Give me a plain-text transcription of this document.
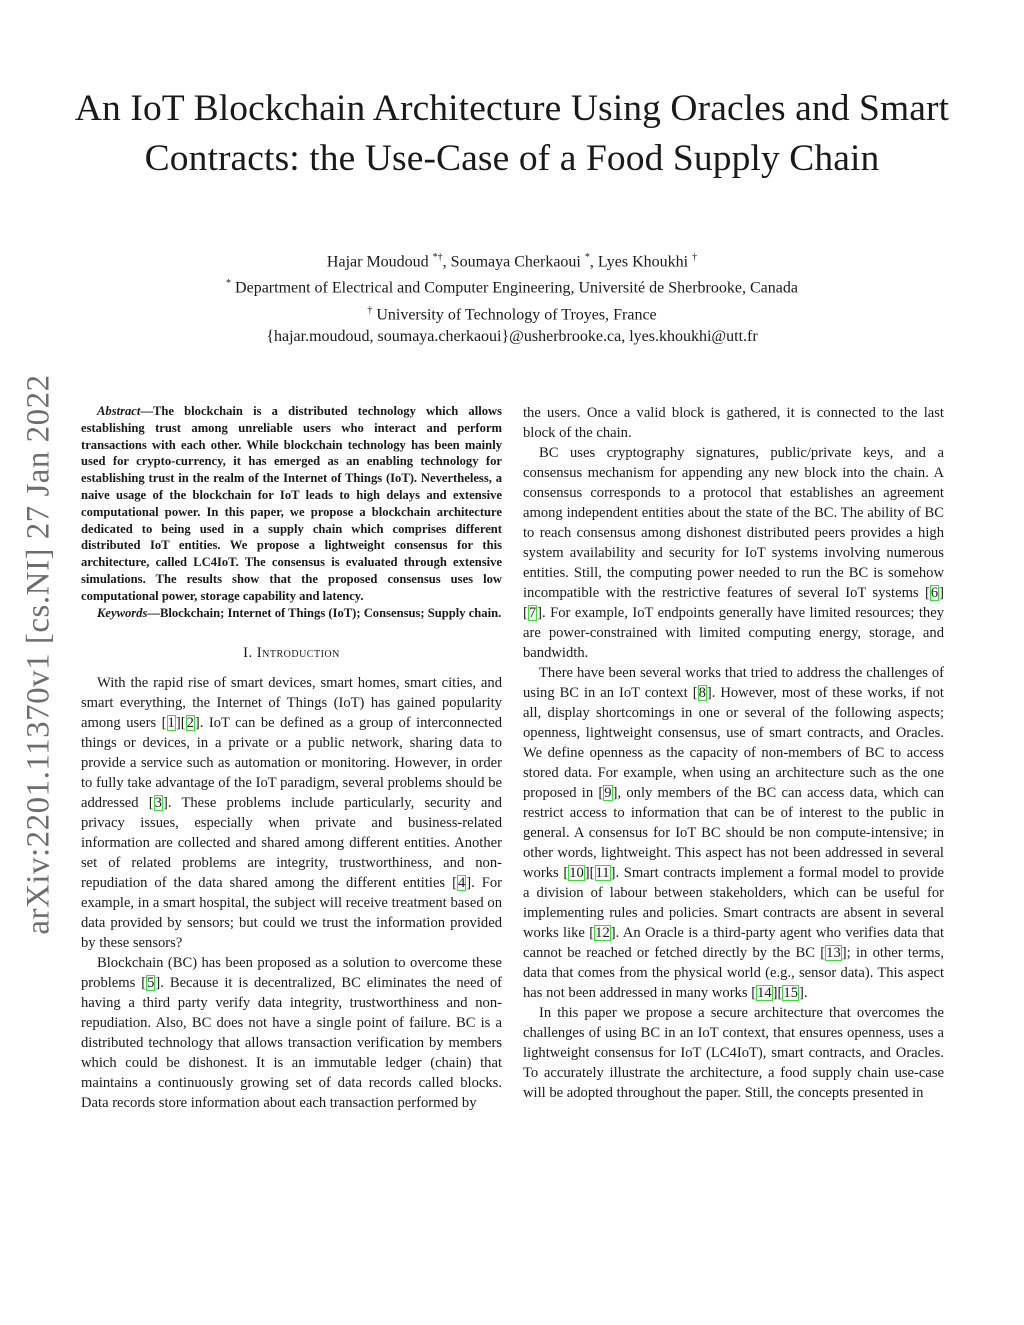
An IoT Blockchain Architecture Using Oracles and Smart Contracts: the Use-Case of a Food Supply Chain
Hajar Moudoud *†, Soumaya Cherkaoui *, Lyes Khoukhi †
* Department of Electrical and Computer Engineering, Université de Sherbrooke, Canada
† University of Technology of Troyes, France
{hajar.moudoud, soumaya.cherkaoui}@usherbrooke.ca, lyes.khoukhi@utt.fr
arXiv:2201.11370v1 [cs.NI] 27 Jan 2022	Abstract—The blockchain is a distributed technology which allows establishing trust among unreliable users who interact and perform transactions with each other. While blockchain technology has been mainly used for crypto-currency, it has emerged as an enabling technology for establishing trust in the realm of the Internet of Things (IoT). Nevertheless, a naive usage of the blockchain for IoT leads to high delays and extensive computational power. In this paper, we propose a blockchain architecture dedicated to being used in a supply chain which comprises different distributed IoT entities. We propose a lightweight consensus for this architecture, called LC4IoT. The consensus is evaluated through extensive simulations. The results show that the proposed consensus uses low computational power, storage capability and latency.

Keywords—Blockchain; Internet of Things (IoT); Consensus; Supply chain.

I. Introduction

With the rapid rise of smart devices, smart homes, smart cities, and smart everything, the Internet of Things (IoT) has gained popularity among users [1][2]. IoT can be defined as a group of interconnected things or devices, in a private or a public network, sharing data to provide a service such as automation or monitoring. However, in order to fully take advantage of the IoT paradigm, several problems should be addressed [3]. These problems include particularly, security and privacy issues, especially when private and business-related information are collected and shared among different entities. Another set of related problems are integrity, trustworthiness, and non-repudiation of the data shared among the different entities [4]. For example, in a smart hospital, the subject will receive treatment based on data provided by sensors; but could we trust the information provided by these sensors?

Blockchain (BC) has been proposed as a solution to overcome these problems [5]. Because it is decentralized, BC eliminates the need of having a third party verify data integrity, trustworthiness and non-repudiation. Also, BC does not have a single point of failure. BC is a distributed technology that allows transaction verification by members which could be dishonest. It is an immutable ledger (chain) that maintains a continuously growing set of data records called blocks. Data records store information about each transaction performed by

the users. Once a valid block is gathered, it is connected to the last block of the chain.

BC uses cryptography signatures, public/private keys, and a consensus mechanism for appending any new block into the chain. A consensus corresponds to a protocol that establishes an agreement among independent entities about the state of the BC. The ability of BC to reach consensus among dishonest distributed peers provides a high system availability and security for IoT systems involving numerous entities. Still, the computing power needed to run the BC is somehow incompatible with the restrictive features of several IoT systems [6] [7]. For example, IoT endpoints generally have limited resources; they are power-constrained with limited computing energy, storage, and bandwidth.

There have been several works that tried to address the challenges of using BC in an IoT context [8]. However, most of these works, if not all, display shortcomings in one or several of the following aspects; openness, lightweight consensus, use of smart contracts, and Oracles. We define openness as the capacity of non-members of BC to access stored data. For example, when using an architecture such as the one proposed in [9], only members of the BC can access data, which can restrict access to information that can be of interest to the public in general. A consensus for IoT BC should be non compute-intensive; in other words, lightweight. This aspect has not been addressed in several works [10][11]. Smart contracts implement a formal model to provide a division of labour between stakeholders, which can be useful for implementing rules and policies. Smart contracts are absent in several works like [12]. An Oracle is a third-party agent who verifies data that cannot be reached or fetched directly by the BC [13]; in other terms, data that comes from the physical world (e.g., sensor data). This aspect has not been addressed in many works [14][15].

In this paper we propose a secure architecture that overcomes the challenges of using BC in an IoT context, that ensures openness, uses a lightweight consensus for IoT (LC4IoT), smart contracts, and Oracles. To accurately illustrate the architecture, a food supply chain use-case will be adopted throughout the paper. Still, the concepts presented in
